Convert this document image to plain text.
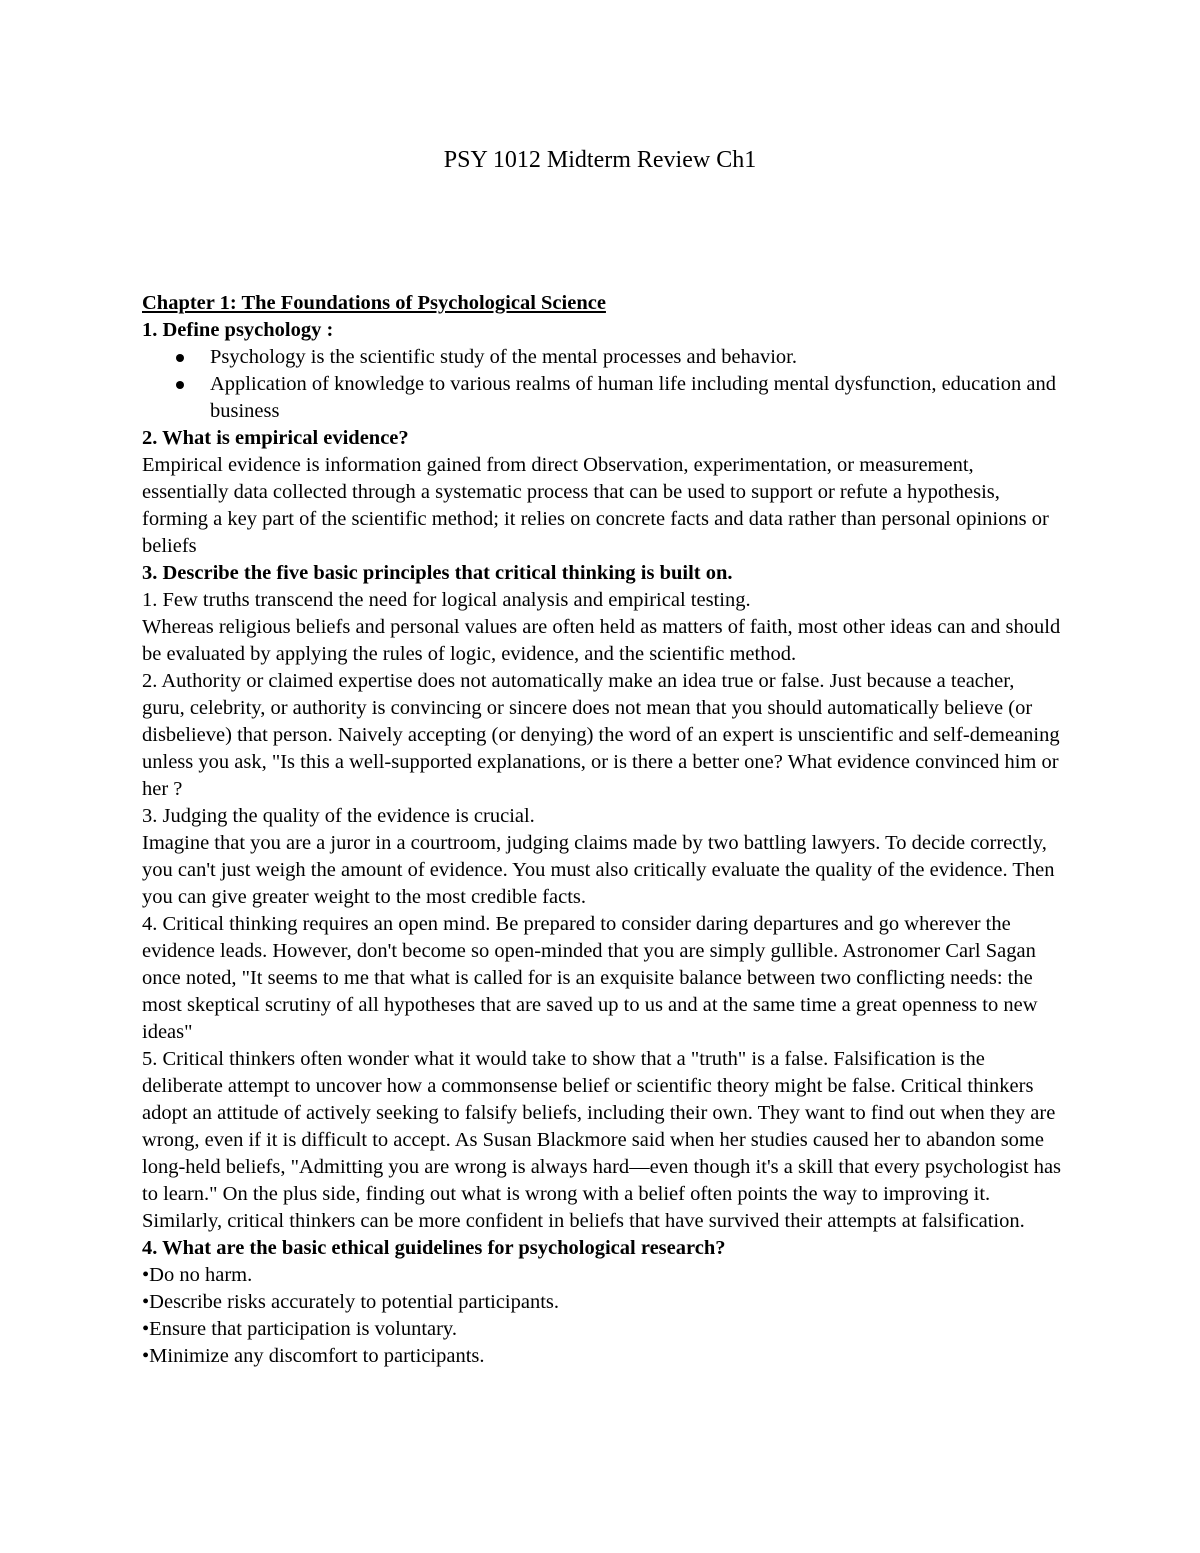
PSY 1012 Midterm Review Ch1

Chapter 1: The Foundations of Psychological Science

1. Define psychology :

Psychology is the scientific study of the mental processes and behavior.
Application of knowledge to various realms of human life including mental dysfunction, education and business

2. What is empirical evidence?

Empirical evidence is information gained from direct Observation, experimentation, or measurement, essentially data collected through a systematic process that can be used to support or refute a hypothesis, forming a key part of the scientific method; it relies on concrete facts and data rather than personal opinions or beliefs

3. Describe the five basic principles that critical thinking is built on.

1. Few truths transcend the need for logical analysis and empirical testing.

Whereas religious beliefs and personal values are often held as matters of faith, most other ideas can and should be evaluated by applying the rules of logic, evidence, and the scientific method.

2. Authority or claimed expertise does not automatically make an idea true or false. Just because a teacher, guru, celebrity, or authority is convincing or sincere does not mean that you should automatically believe (or disbelieve) that person. Naively accepting (or denying) the word of an expert is unscientific and self-demeaning unless you ask, "Is this a well-supported explanations, or is there a better one? What evidence convinced him or her ?

3. Judging the quality of the evidence is crucial.

Imagine that you are a juror in a courtroom, judging claims made by two battling lawyers. To decide correctly, you can't just weigh the amount of evidence. You must also critically evaluate the quality of the evidence. Then you can give greater weight to the most credible facts.

4. Critical thinking requires an open mind. Be prepared to consider daring departures and go wherever the evidence leads. However, don't become so open-minded that you are simply gullible. Astronomer Carl Sagan once noted, "It seems to me that what is called for is an exquisite balance between two conflicting needs: the most skeptical scrutiny of all hypotheses that are saved up to us and at the same time a great openness to new ideas"

5. Critical thinkers often wonder what it would take to show that a "truth" is a false. Falsification is the deliberate attempt to uncover how a commonsense belief or scientific theory might be false. Critical thinkers adopt an attitude of actively seeking to falsify beliefs, including their own. They want to find out when they are wrong, even if it is difficult to accept. As Susan Blackmore said when her studies caused her to abandon some long-held beliefs, "Admitting you are wrong is always hard—even though it's a skill that every psychologist has to learn." On the plus side, finding out what is wrong with a belief often points the way to improving it. Similarly, critical thinkers can be more confident in beliefs that have survived their attempts at falsification.

4. What are the basic ethical guidelines for psychological research?

•Do no harm.
•Describe risks accurately to potential participants.
•Ensure that participation is voluntary.
•Minimize any discomfort to participants.
